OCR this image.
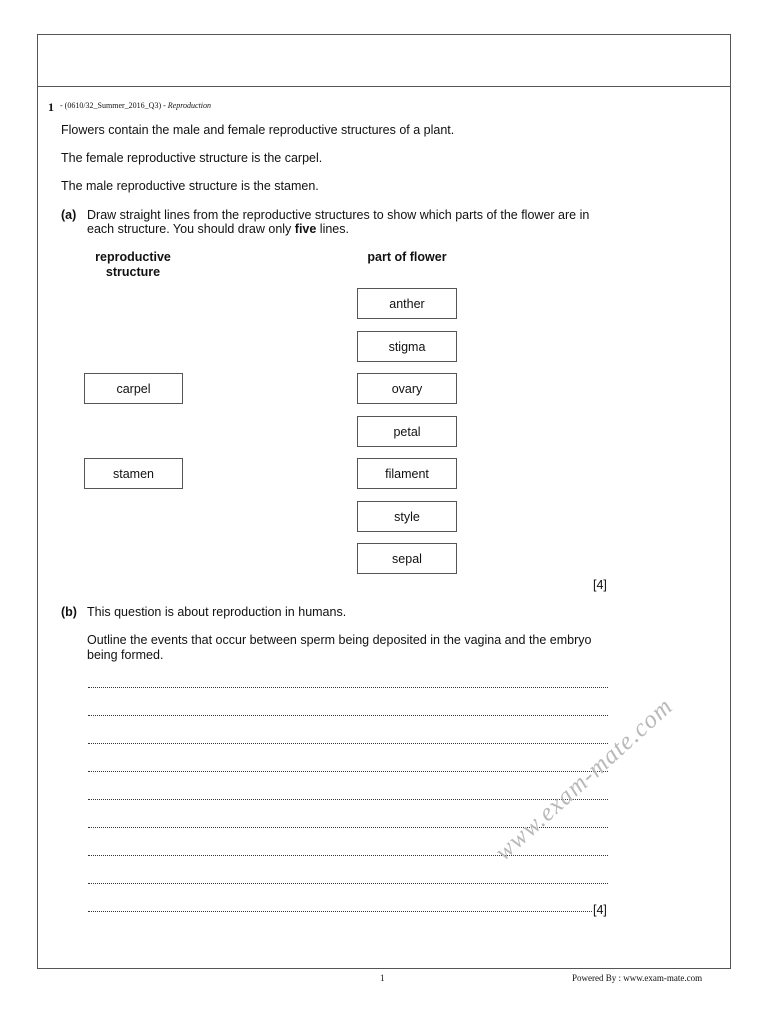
1 - (0610/32_Summer_2016_Q3) - Reproduction
Flowers contain the male and female reproductive structures of a plant.
The female reproductive structure is the carpel.
The male reproductive structure is the stamen.
(a) Draw straight lines from the reproductive structures to show which parts of the flower are in
each structure. You should draw only five lines.
reproductive
structure
part of flower
carpel
stamen
anther
stigma
ovary
petal
filament
style
sepal
[4]
(b) This question is about reproduction in humans.
Outline the events that occur between sperm being deposited in the vagina and the embryo
being formed.
[4]
www.exam-mate.com
1	Powered By : www.exam-mate.com
